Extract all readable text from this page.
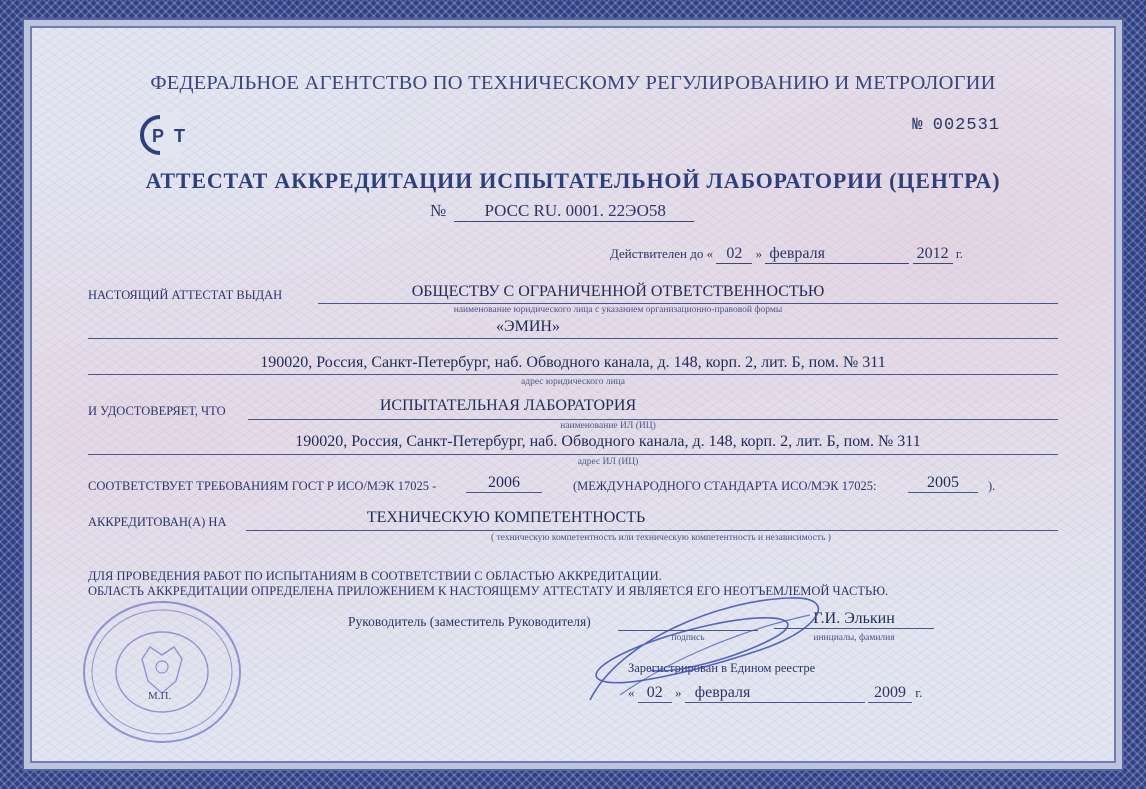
ФЕДЕРАЛЬНОЕ АГЕНТСТВО ПО ТЕХНИЧЕСКОМУ РЕГУЛИРОВАНИЮ И МЕТРОЛОГИИ
Р Т
№ 002531
АТТЕСТАТ АККРЕДИТАЦИИ ИСПЫТАТЕЛЬНОЙ ЛАБОРАТОРИИ (ЦЕНТРА)
№ РОСС RU. 0001. 22ЭО58
Действителен до « 02 » февраля	2012 г.
НАСТОЯЩИЙ АТТЕСТАТ ВЫДАН	ОБЩЕСТВУ С ОГРАНИЧЕННОЙ ОТВЕТСТВЕННОСТЬЮ
наименование юридического лица с указанием организационно-правовой формы
«ЭМИН»
190020, Россия, Санкт-Петербург, наб. Обводного канала, д. 148, корп. 2, лит. Б, пом. № 311
адрес юридического лица
И УДОСТОВЕРЯЕТ, ЧТО	ИСПЫТАТЕЛЬНАЯ ЛАБОРАТОРИЯ
наименование ИЛ (ИЦ)
190020, Россия, Санкт-Петербург, наб. Обводного канала, д. 148, корп. 2, лит. Б, пом. № 311
адрес ИЛ (ИЦ)
СООТВЕТСТВУЕТ ТРЕБОВАНИЯМ ГОСТ Р ИСО/МЭК 17025 -	2006	(МЕЖДУНАРОДНОГО СТАНДАРТА ИСО/МЭК 17025:	2005	).
АККРЕДИТОВАН(А) НА	ТЕХНИЧЕСКУЮ КОМПЕТЕНТНОСТЬ
( техническую компетентность или техническую компетентность и независимость )
ДЛЯ ПРОВЕДЕНИЯ РАБОТ ПО ИСПЫТАНИЯМ В СООТВЕТСТВИИ С ОБЛАСТЬЮ АККРЕДИТАЦИИ.
ОБЛАСТЬ АККРЕДИТАЦИИ ОПРЕДЕЛЕНА ПРИЛОЖЕНИЕМ К НАСТОЯЩЕМУ АТТЕСТАТУ И ЯВЛЯЕТСЯ ЕГО НЕОТЪЕМЛЕМОЙ ЧАСТЬЮ.
Руководитель (заместитель Руководителя)
подпись
Г.И. Элькин
инициалы, фамилия
Зарегистрирован в Едином реестре
« 02 » февраля	2009 г.
М.П.
